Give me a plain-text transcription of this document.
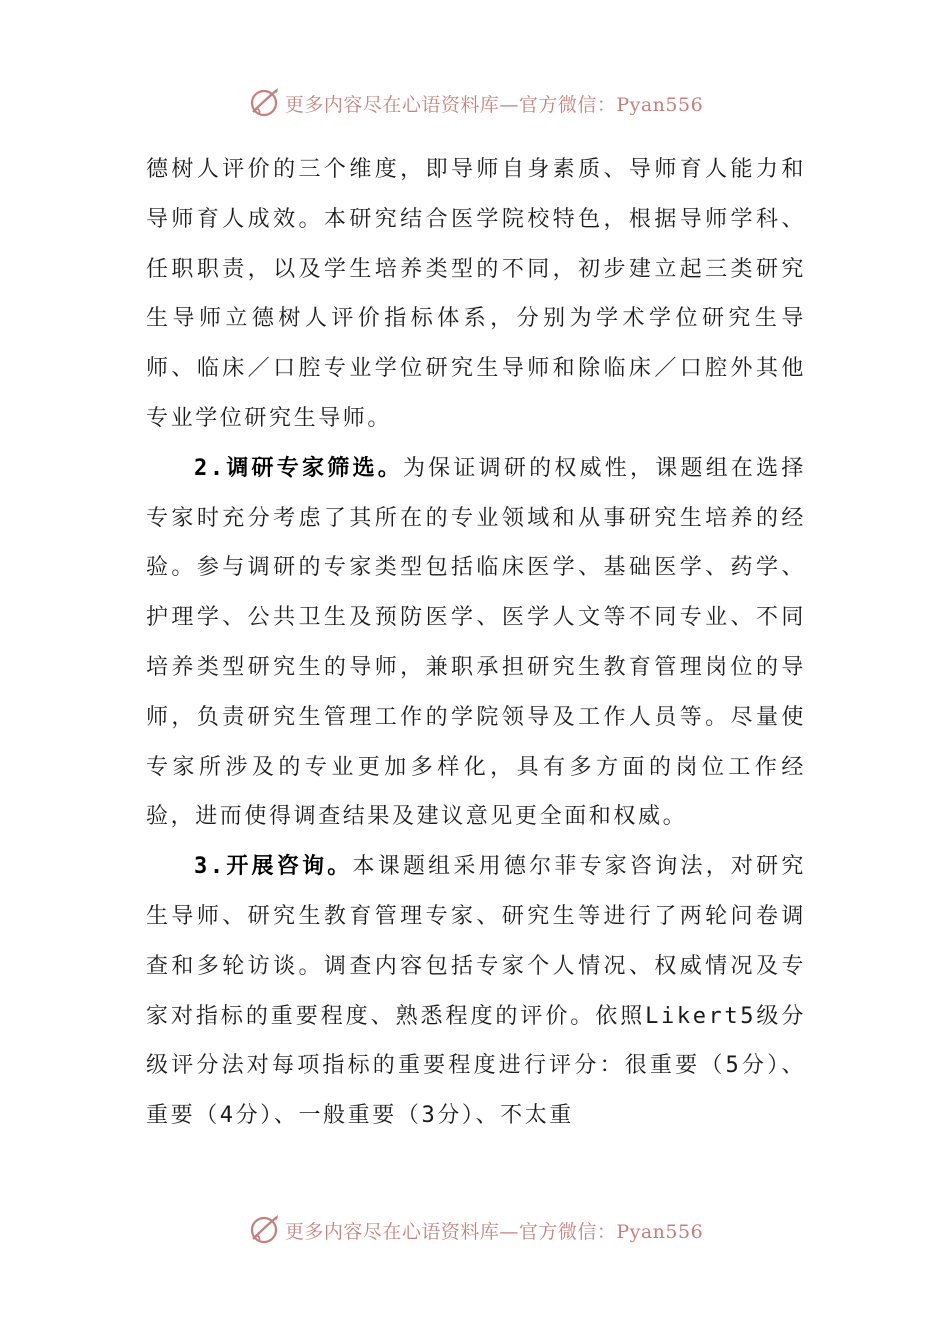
更多内容尽在心语资料库—官方微信：Pyan556

德树人评价的三个维度，即导师自身素质、导师育人能力和导师育人成效。本研究结合医学院校特色，根据导师学科、任职职责，以及学生培养类型的不同，初步建立起三类研究生导师立德树人评价指标体系，分别为学术学位研究生导师、临床／口腔专业学位研究生导师和除临床／口腔外其他专业学位研究生导师。

2.调研专家筛选。为保证调研的权威性，课题组在选择专家时充分考虑了其所在的专业领域和从事研究生培养的经验。参与调研的专家类型包括临床医学、基础医学、药学、护理学、公共卫生及预防医学、医学人文等不同专业、不同培养类型研究生的导师，兼职承担研究生教育管理岗位的导师，负责研究生管理工作的学院领导及工作人员等。尽量使专家所涉及的专业更加多样化，具有多方面的岗位工作经验，进而使得调查结果及建议意见更全面和权威。

3.开展咨询。本课题组采用德尔菲专家咨询法，对研究生导师、研究生教育管理专家、研究生等进行了两轮问卷调查和多轮访谈。调查内容包括专家个人情况、权威情况及专家对指标的重要程度、熟悉程度的评价。依照Likert5级分级评分法对每项指标的重要程度进行评分：很重要（5分）、重要（4分）、一般重要（3分）、不太重

更多内容尽在心语资料库—官方微信：Pyan556
